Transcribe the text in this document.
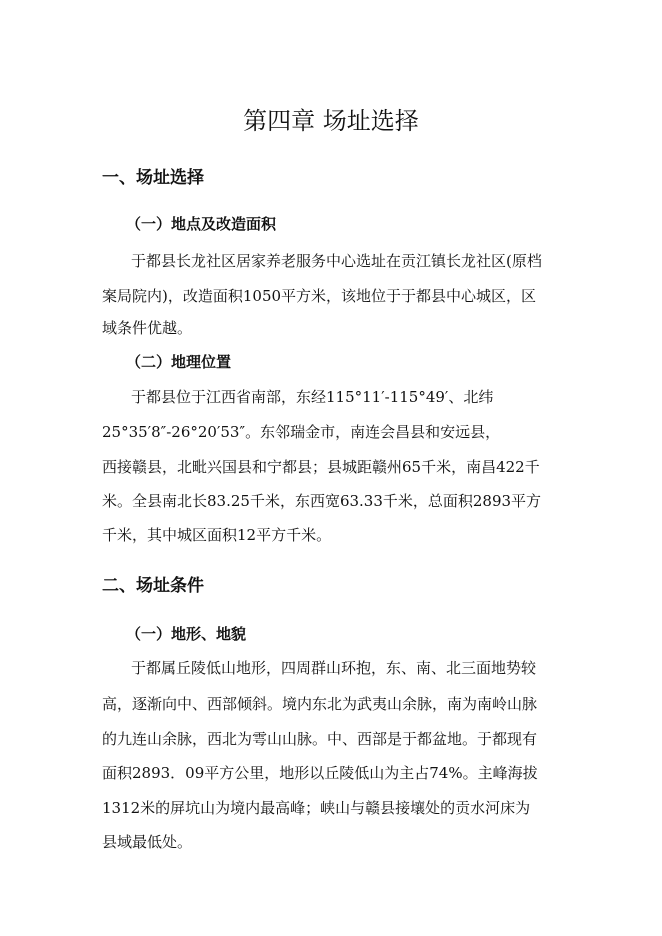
第四章 场址选择
一、场址选择
（一）地点及改造面积

于都县长龙社区居家养老服务中心选址在贡江镇长龙社区(原档

案局院内)，改造面积1050平方米，该地位于于都县中心城区，区

域条件优越。

（二）地理位置

于都县位于江西省南部，东经115°11′-115°49′、北纬

25°35′8″-26°20′53″。东邻瑞金市，南连会昌县和安远县，

西接赣县，北毗兴国县和宁都县；县城距赣州65千米，南昌422千

米。全县南北长83.25千米，东西宽63.33千米，总面积2893平方

千米，其中城区面积12平方千米。

二、场址条件
（一）地形、地貌

于都属丘陵低山地形，四周群山环抱，东、南、北三面地势较

高，逐渐向中、西部倾斜。境内东北为武夷山余脉，南为南岭山脉

的九连山余脉，西北为雩山山脉。中、西部是于都盆地。于都现有

面积2893．09平方公里，地形以丘陵低山为主占74%。主峰海拔

1312米的屏坑山为境内最高峰；峡山与赣县接壤处的贡水河床为

县域最低处。
